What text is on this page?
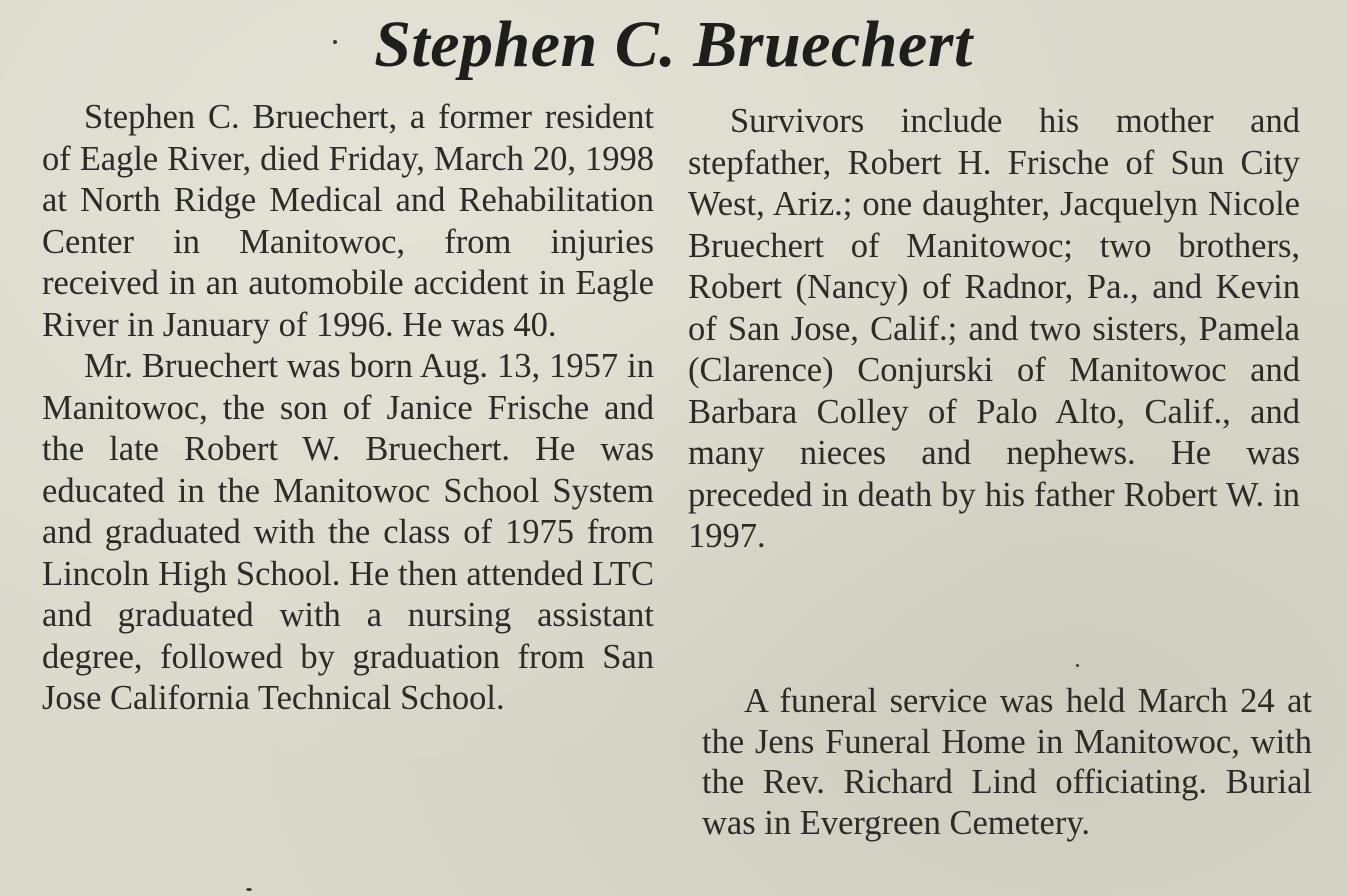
Stephen C. Bruechert

Stephen C. Bruechert, a former resident of Eagle River, died Friday, March 20, 1998 at North Ridge Medical and Rehabilitation Center in Manitowoc, from injuries received in an automobile accident in Eagle River in January of 1996. He was 40.

Mr. Bruechert was born Aug. 13, 1957 in Manitowoc, the son of Janice Frische and the late Robert W. Bruechert. He was educated in the Manitowoc School System and graduated with the class of 1975 from Lincoln High School. He then attended LTC and graduated with a nursing assistant degree, followed by graduation from San Jose California Technical School.

Survivors include his mother and stepfather, Robert H. Frische of Sun City West, Ariz.; one daughter, Jacquelyn Nicole Bruechert of Manitowoc; two brothers, Robert (Nancy) of Radnor, Pa., and Kevin of San Jose, Calif.; and two sisters, Pamela (Clarence) Conjurski of Manitowoc and Barbara Colley of Palo Alto, Calif., and many nieces and nephews. He was preceded in death by his father Robert W. in 1997.

A funeral service was held March 24 at the Jens Funeral Home in Manitowoc, with the Rev. Richard Lind officiating. Burial was in Evergreen Cemetery.
